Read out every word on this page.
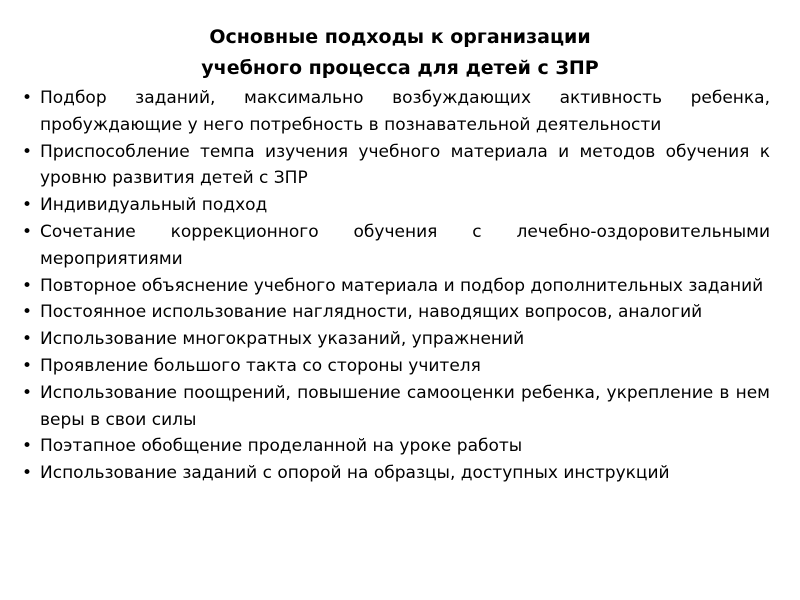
Основные подходы к организации
учебного процесса для детей с ЗПР
• Подбор заданий, максимально возбуждающих активность ребенка, пробуждающие у него потребность в познавательной деятельности
• Приспособление темпа изучения учебного материала и методов обучения к уровню развития детей с ЗПР
• Индивидуальный подход
• Сочетание коррекционного обучения с лечебно-оздоровительными мероприятиями
• Повторное объяснение учебного материала и подбор дополнительных заданий
• Постоянное использование наглядности, наводящих вопросов, аналогий
• Использование многократных указаний, упражнений
• Проявление большого такта со стороны учителя
• Использование поощрений, повышение самооценки ребенка, укрепление в нем веры в свои силы
• Поэтапное обобщение проделанной на уроке работы
• Использование заданий с опорой на образцы, доступных инструкций
